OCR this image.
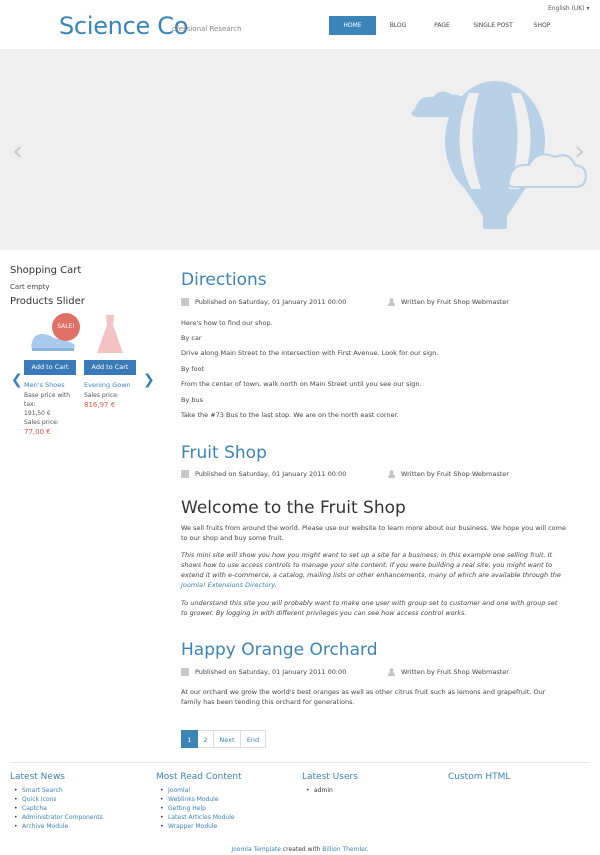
English (UK) ▾
Science Co
ofessional Research	HOME	BLOG	PAGE	SINGLE POST	SHOP
‹	›
Shopping Cart
Cart empty
Products Slider
SALE!
❮	❯
Add to Cart	Add to Cart
Men's Shoes
Base price with tax:
191,50 €
Sales price:
77,00 €
Evening Gown
Sales price:
816,97 €
Directions
Published on Saturday, 01 January 2011 00:00	Written by Fruit Shop Webmaster
Here's how to find our shop.
By car
Drive along Main Street to the intersection with First Avenue. Look for our sign.
By foot
From the center of town, walk north on Main Street until you see our sign.
By bus
Take the #73 Bus to the last stop. We are on the north east corner.
Fruit Shop
Published on Saturday, 01 January 2011 00:00	Written by Fruit Shop Webmaster
Welcome to the Fruit Shop
We sell fruits from around the world. Please use our website to learn more about our business. We hope you will come to our shop and buy some fruit.
This mini site will show you how you might want to set up a site for a business, in this example one selling fruit. It shows how to use access controls to manage your site content. If you were building a real site, you might want to extend it with e-commerce, a catalog, mailing lists or other enhancements, many of which are available through the Joomla! Extensions Directory.
To understand this site you will probably want to make one user with group set to customer and one with group set to grower. By logging in with different privileges you can see how access control works.
Happy Orange Orchard
Published on Saturday, 01 January 2011 00:00	Written by Fruit Shop Webmaster
At our orchard we grow the world's best oranges as well as other citrus fruit such as lemons and grapefruit. Our family has been tending this orchard for generations.
1	2	Next	End
Latest News
• Smart Search
• Quick Icons
• Captcha
• Administrator Components
• Archive Module
Most Read Content
• Joomla!
• Weblinks Module
• Getting Help
• Latest Articles Module
• Wrapper Module
Latest Users
• admin
Custom HTML
Joomla Template created with Billion Themler.
